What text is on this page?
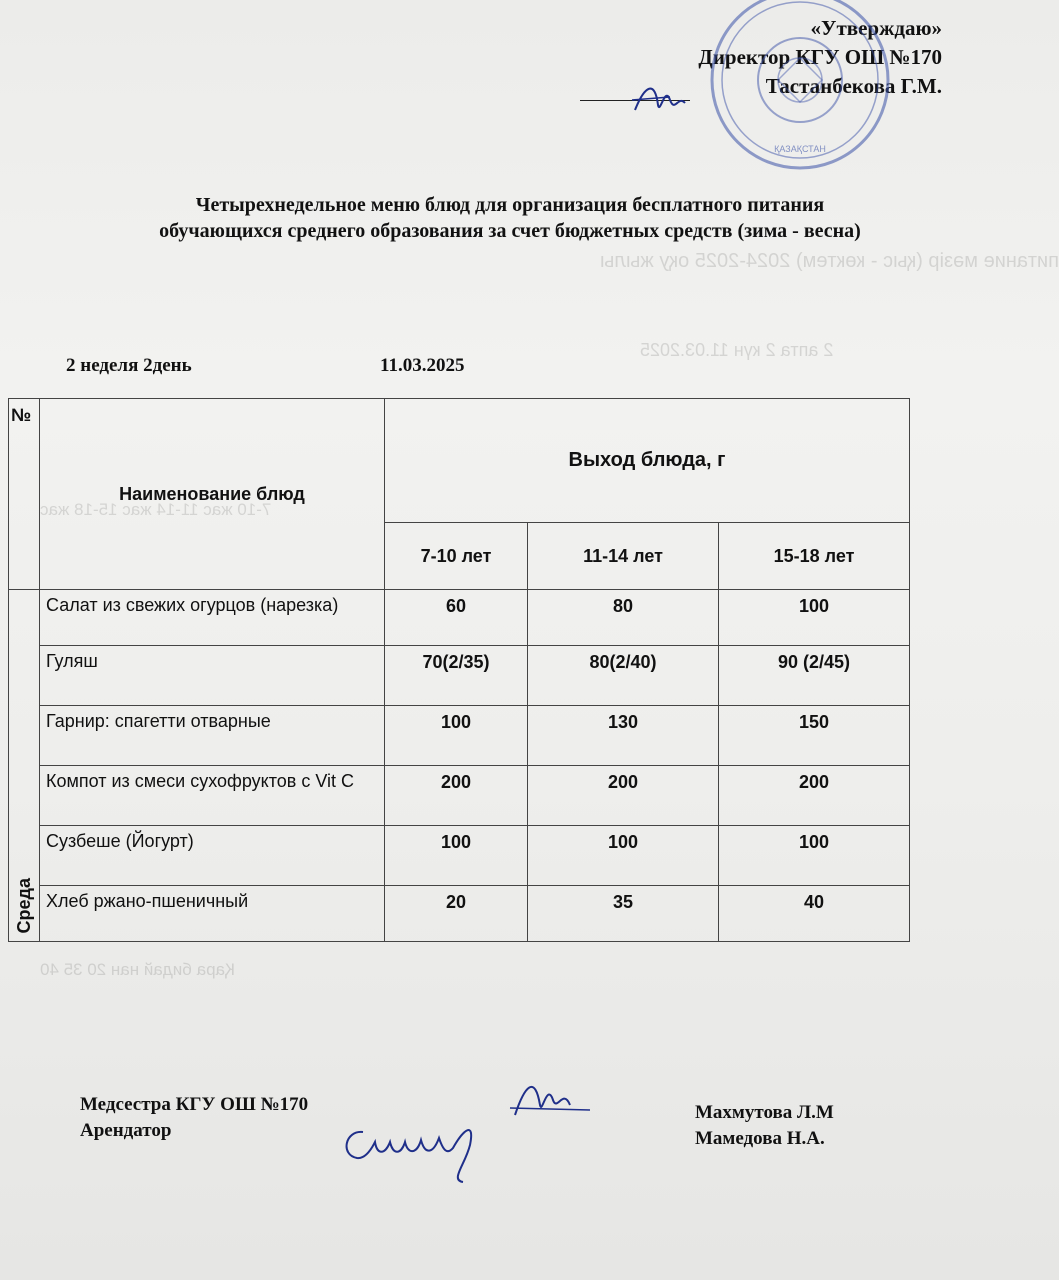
питание мәзір (қыс - көктем) 2024-2025 оқу жылы
2 апта 2 күн 11.03.2025
7-10 жас 11-14 жас 15-18 жас
Қара бидай нан 20 35 40
«Утверждаю»
Директор КГУ ОШ №170
Тастанбекова Г.М.
ҚАЗАҚСТАН
Четырехнедельное меню блюд для организация бесплатного питания
обучающихся среднего образования за счет бюджетных средств (зима - весна)
2 неделя 2день	11.03.2025
№	Наименование блюд	Выход блюда, г		
		7-10 лет	11-14 лет	15-18 лет

Среда	Салат из свежих огурцов (нарезка)	60	80	100
	Гуляш	70(2/35)	80(2/40)	90 (2/45)
	Гарнир: спагетти отварные	100	130	150
	Компот из смеси сухофруктов с Vit C	200	200	200
	Сузбеше (Йогурт)	100	100	100
	Хлеб ржано-пшеничный	20	35	40
Медсестра КГУ ОШ №170
Арендатор
Махмутова Л.М
Мамедова Н.А.
